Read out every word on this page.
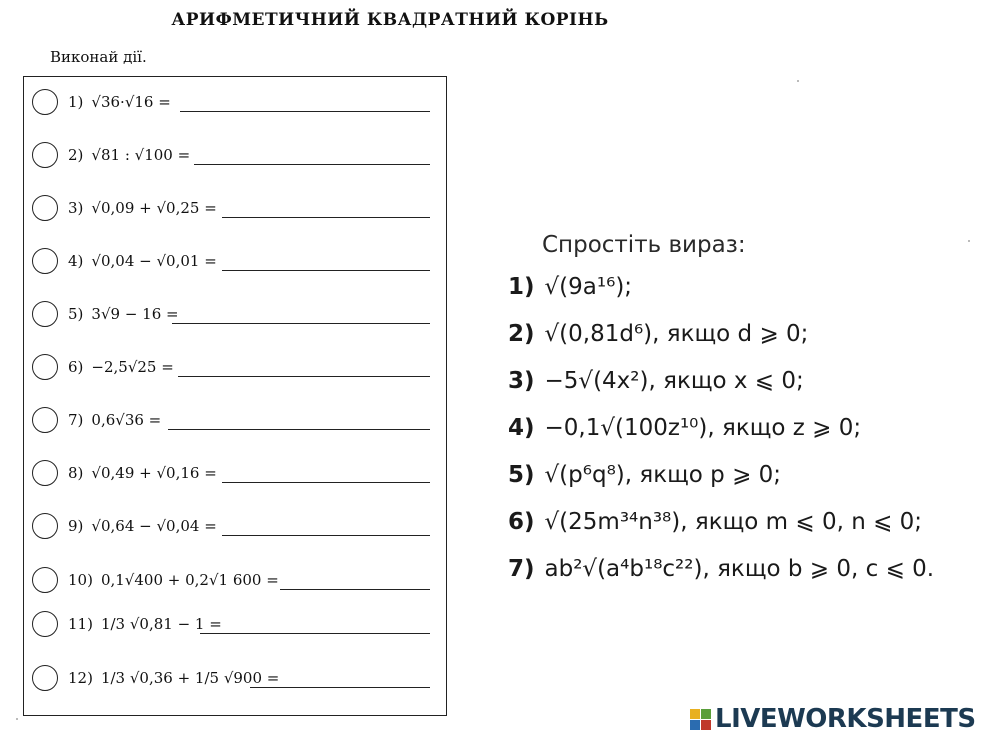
АРИФМЕТИЧНИЙ КВАДРАТНИЙ КОРІНЬ
Виконай дії.
1) √36·√16 =
2) √81 : √100 =
3) √0,09 + √0,25 =
4) √0,04 − √0,01 =
5) 3√9 − 16 =
6) −2,5√25 =
7) 0,6√36 =
8) √0,49 + √0,16 =
9) √0,64 − √0,04 =
10) 0,1√400 + 0,2√1 600 =
11) 1/3 √0,81 − 1 =
12) 1/3 √0,36 + 1/5 √900 =
Спростіть вираз:
1) √(9a¹⁶);
2) √(0,81d⁶), якщо d ⩾ 0;
3) −5√(4x²), якщо x ⩽ 0;
4) −0,1√(100z¹⁰), якщо z ⩾ 0;
5) √(p⁶q⁸), якщо p ⩾ 0;
6) √(25m³⁴n³⁸), якщо m ⩽ 0, n ⩽ 0;
7) ab²√(a⁴b¹⁸c²²), якщо b ⩾ 0, c ⩽ 0.
LIVEWORKSHEETS
